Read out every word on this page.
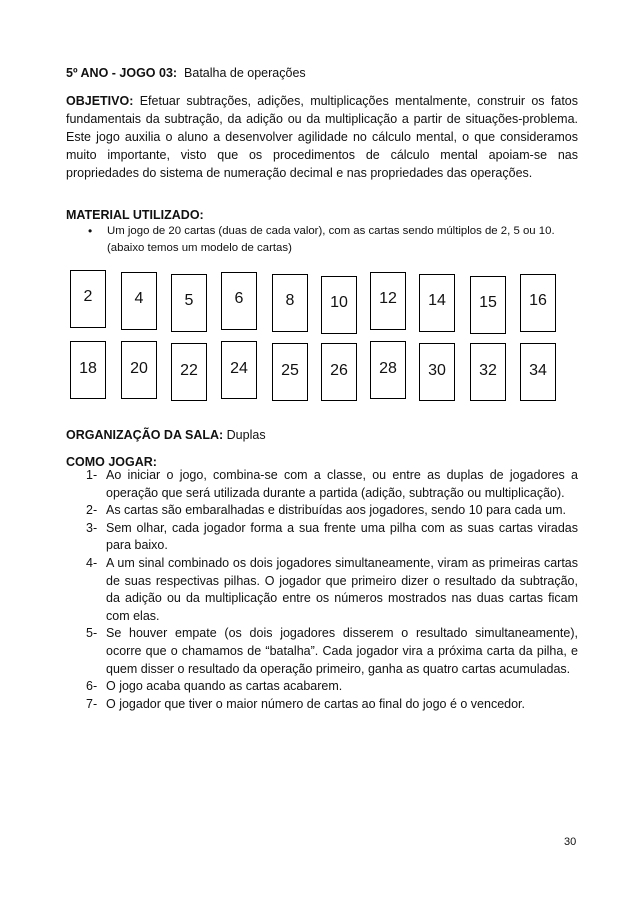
5º ANO - JOGO 03: Batalha de operações
OBJETIVO: Efetuar subtrações, adições, multiplicações mentalmente, construir os fatos fundamentais da subtração, da adição ou da multiplicação a partir de situações-problema. Este jogo auxilia o aluno a desenvolver agilidade no cálculo mental, o que consideramos muito importante, visto que os procedimentos de cálculo mental apoiam-se nas propriedades do sistema de numeração decimal e nas propriedades das operações.
MATERIAL UTILIZADO:
• Um jogo de 20 cartas (duas de cada valor), com as cartas sendo múltiplos de 2, 5 ou 10.
(abaixo temos um modelo de cartas)
2	4	5	6	8	10	12	14	15	16
18	20	22	24	25	26	28	30	32	34
ORGANIZAÇÃO DA SALA: Duplas
COMO JOGAR:
1- Ao iniciar o jogo, combina-se com a classe, ou entre as duplas de jogadores a operação que será utilizada durante a partida (adição, subtração ou multiplicação).
2- As cartas são embaralhadas e distribuídas aos jogadores, sendo 10 para cada um.
3- Sem olhar, cada jogador forma a sua frente uma pilha com as suas cartas viradas para baixo.
4- A um sinal combinado os dois jogadores simultaneamente, viram as primeiras cartas de suas respectivas pilhas. O jogador que primeiro dizer o resultado da subtração, da adição ou da multiplicação entre os números mostrados nas duas cartas ficam com elas.
5- Se houver empate (os dois jogadores disserem o resultado simultaneamente), ocorre que o chamamos de “batalha”. Cada jogador vira a próxima carta da pilha, e quem disser o resultado da operação primeiro, ganha as quatro cartas acumuladas.
6- O jogo acaba quando as cartas acabarem.
7- O jogador que tiver o maior número de cartas ao final do jogo é o vencedor.
30
